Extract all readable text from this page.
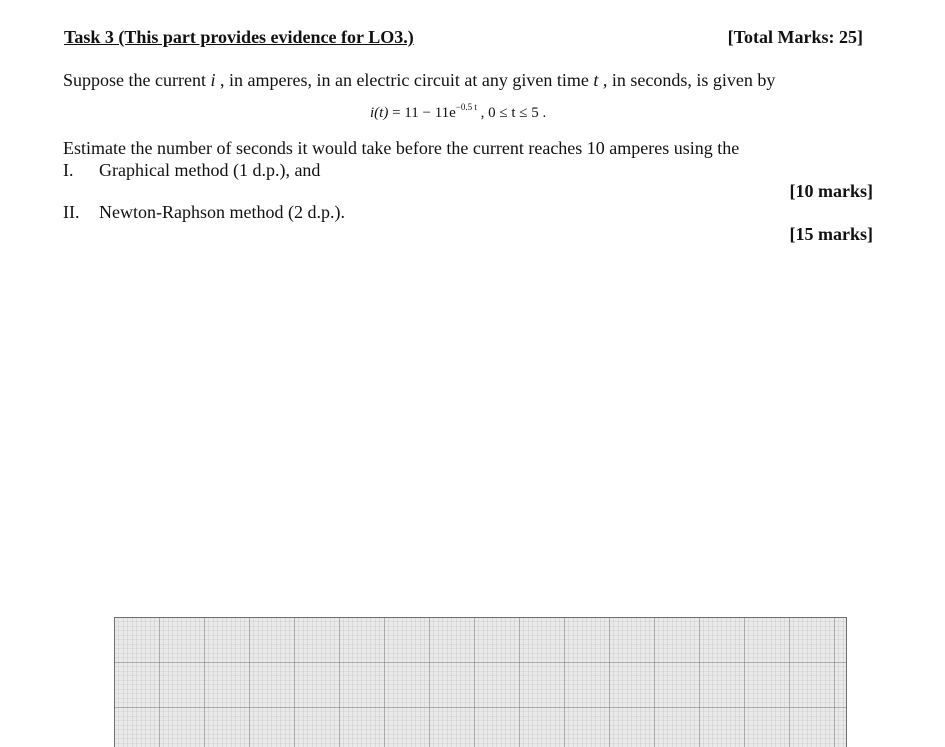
Task 3 (This part provides evidence for LO3.)	[Total Marks: 25]
Suppose the current i , in amperes, in an electric circuit at any given time t , in seconds, is given by
$i(t) = 11 - 11e^{-0.5 t}$ , 0 ≤ t ≤ 5 .
Estimate the number of seconds it would take before the current reaches 10 amperes using the
I. Graphical method (1 d.p.), and
[10 marks]
II. Newton-Raphson method (2 d.p.).
[15 marks]
